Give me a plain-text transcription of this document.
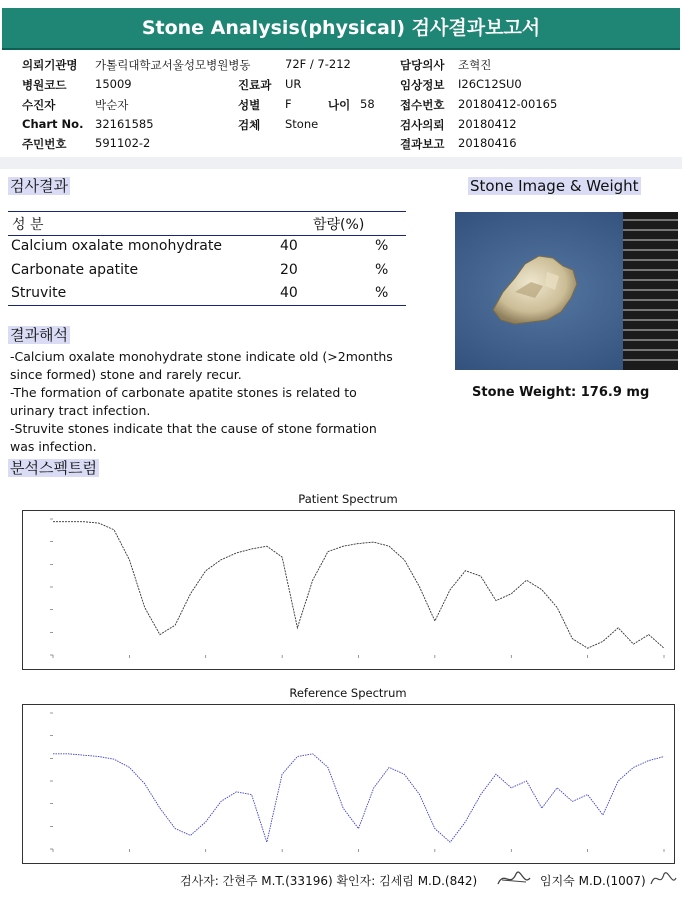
Stone Analysis(physical) 검사결과보고서
의뢰기관명 가톨릭대학교서울성모병원병동	72F / 7-212	담당의사 조혁진
병원코드 15009	진료과 UR	임상정보 I26C12SU0
수진자	박순자	성별 F	나이 58 접수번호 20180412-00165
Chart No. 32161585	검체 Stone	검사의뢰 20180412
주민번호 591102-2	결과보고 20180416
검사결과
성 분	함량(%)
Calcium oxalate monohydrate	40	%
Carbonate apatite	20	%
Struvite	40	%
Stone Image & Weight
Stone Weight: 176.9 mg
결과해석
-Calcium oxalate monohydrate stone indicate old (>2months
since formed) stone and rarely recur.
-The formation of carbonate apatite stones is related to
urinary tract infection.
-Struvite stones indicate that the cause of stone formation
was infection.
분석스펙트럼
Patient Spectrum
Reference Spectrum
검사자: 간현주 M.T.(33196) 확인자: 김세림 M.D.(842)	임지숙 M.D.(1007)
